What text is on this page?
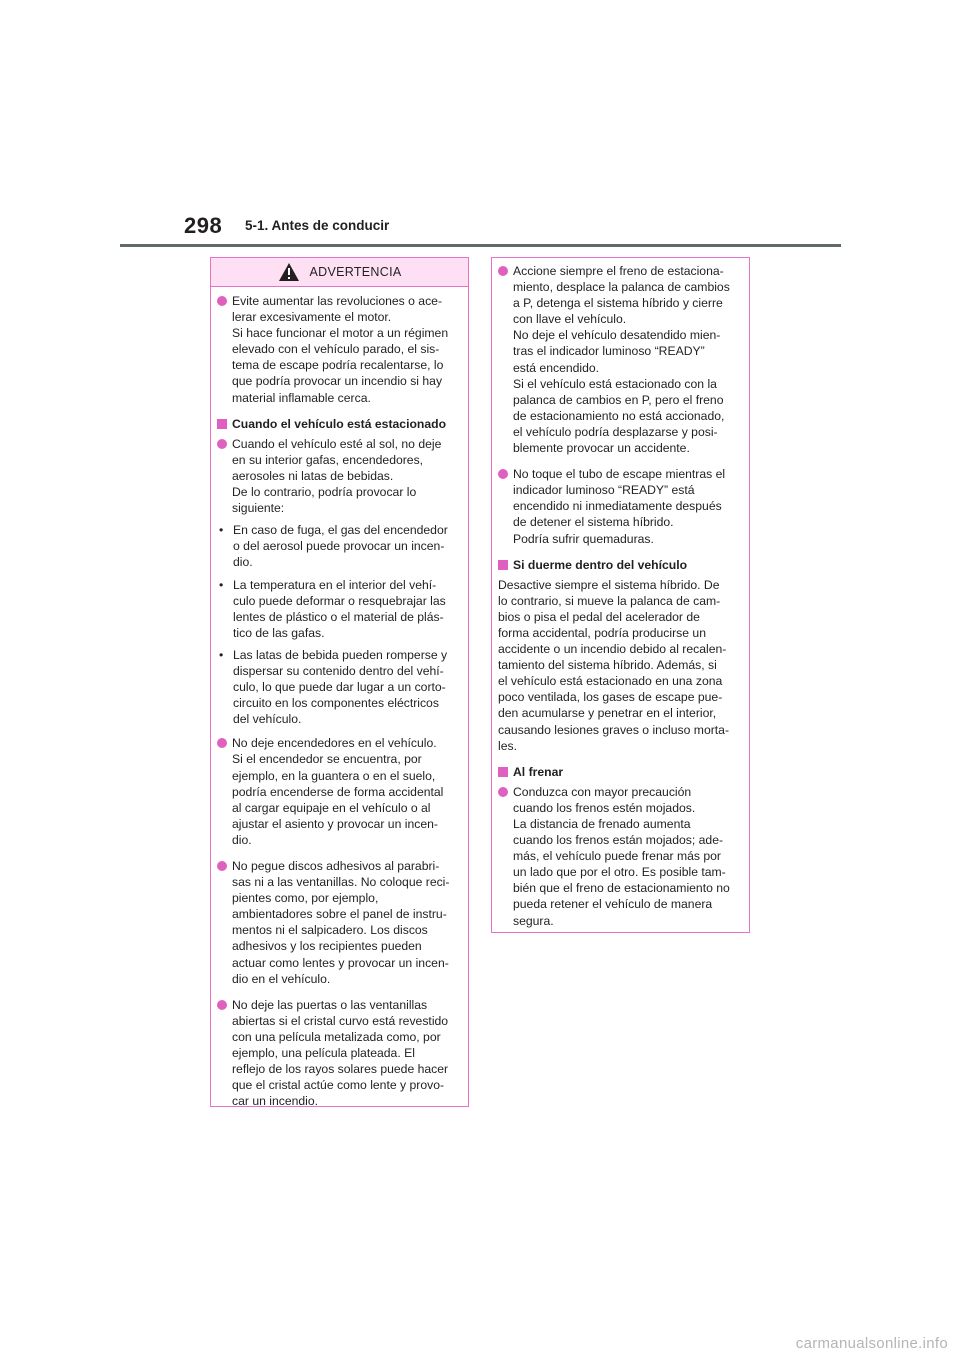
298 5-1. Antes de conducir
ADVERTENCIA
Evite aumentar las revoluciones o ace-
lerar excesivamente el motor.
Si hace funcionar el motor a un régimen
elevado con el vehículo parado, el sis-
tema de escape podría recalentarse, lo
que podría provocar un incendio si hay
material inflamable cerca.
Cuando el vehículo está estacionado
Cuando el vehículo esté al sol, no deje
en su interior gafas, encendedores,
aerosoles ni latas de bebidas.
De lo contrario, podría provocar lo
siguiente:
• En caso de fuga, el gas del encendedor
o del aerosol puede provocar un incen-
dio.
• La temperatura en el interior del vehí-
culo puede deformar o resquebrajar las
lentes de plástico o el material de plás-
tico de las gafas.
• Las latas de bebida pueden romperse y
dispersar su contenido dentro del vehí-
culo, lo que puede dar lugar a un corto-
circuito en los componentes eléctricos
del vehículo.
No deje encendedores en el vehículo.
Si el encendedor se encuentra, por
ejemplo, en la guantera o en el suelo,
podría encenderse de forma accidental
al cargar equipaje en el vehículo o al
ajustar el asiento y provocar un incen-
dio.
No pegue discos adhesivos al parabri-
sas ni a las ventanillas. No coloque reci-
pientes como, por ejemplo,
ambientadores sobre el panel de instru-
mentos ni el salpicadero. Los discos
adhesivos y los recipientes pueden
actuar como lentes y provocar un incen-
dio en el vehículo.
No deje las puertas o las ventanillas
abiertas si el cristal curvo está revestido
con una película metalizada como, por
ejemplo, una película plateada. El
reflejo de los rayos solares puede hacer
que el cristal actúe como lente y provo-
car un incendio.
Accione siempre el freno de estaciona-
miento, desplace la palanca de cambios
a P, detenga el sistema híbrido y cierre
con llave el vehículo.
No deje el vehículo desatendido mien-
tras el indicador luminoso “READY”
está encendido.
Si el vehículo está estacionado con la
palanca de cambios en P, pero el freno
de estacionamiento no está accionado,
el vehículo podría desplazarse y posi-
blemente provocar un accidente.
No toque el tubo de escape mientras el
indicador luminoso “READY” está
encendido ni inmediatamente después
de detener el sistema híbrido.
Podría sufrir quemaduras.
Si duerme dentro del vehículo
Desactive siempre el sistema híbrido. De
lo contrario, si mueve la palanca de cam-
bios o pisa el pedal del acelerador de
forma accidental, podría producirse un
accidente o un incendio debido al recalen-
tamiento del sistema híbrido. Además, si
el vehículo está estacionado en una zona
poco ventilada, los gases de escape pue-
den acumularse y penetrar en el interior,
causando lesiones graves o incluso morta-
les.
Al frenar
Conduzca con mayor precaución
cuando los frenos estén mojados.
La distancia de frenado aumenta
cuando los frenos están mojados; ade-
más, el vehículo puede frenar más por
un lado que por el otro. Es posible tam-
bién que el freno de estacionamiento no
pueda retener el vehículo de manera
segura.
carmanualsonline.info
